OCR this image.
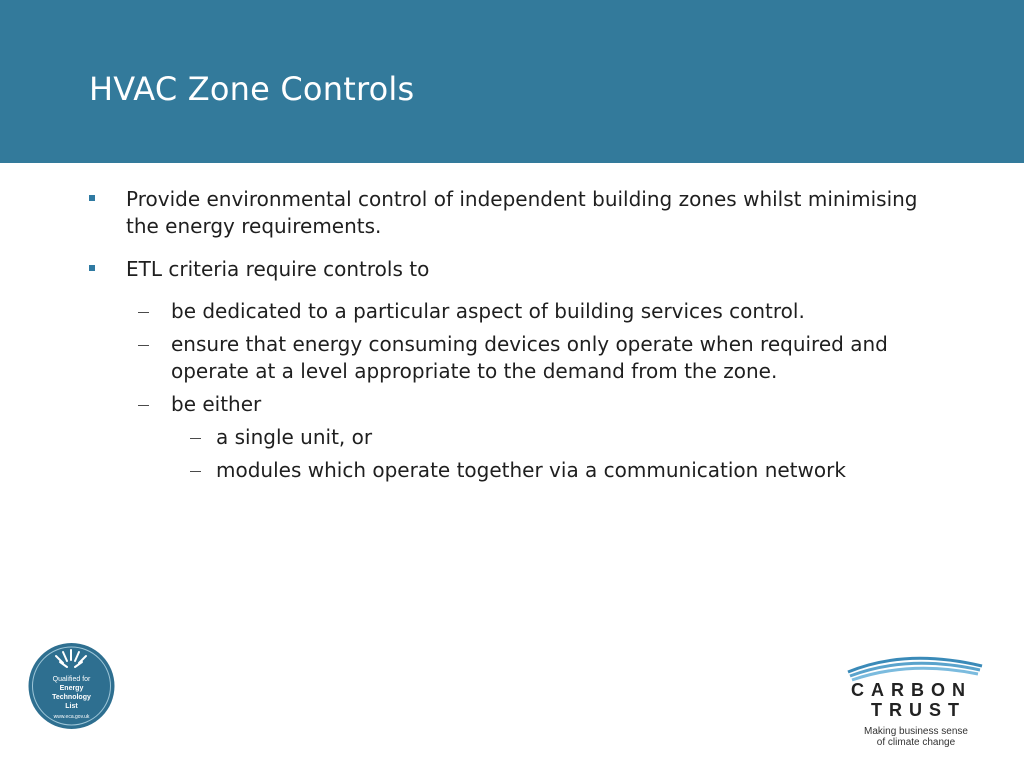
HVAC Zone Controls
Provide environmental control of independent building zones whilst minimising the energy requirements.
ETL criteria require controls to
be dedicated to a particular aspect of building services control.
ensure that energy consuming devices only operate when required and operate at a level appropriate to the demand from the zone.
be either
a single unit, or
modules which operate together via a communication network
Qualified for
Energy
Technology
List
www.eca.gov.uk
CARBON
TRUST
Making business sense
of climate change
